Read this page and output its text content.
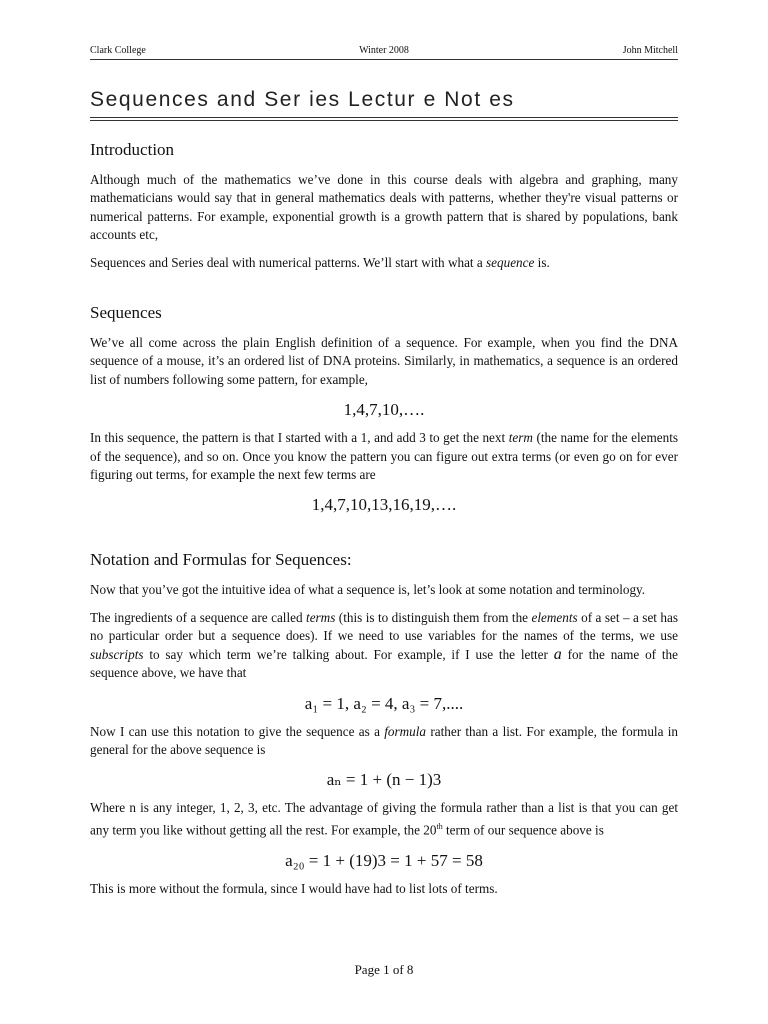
Clark College	Winter 2008	John Mitchell
Sequences and Ser ies Lectur e Not es
Introduction

Although much of the mathematics we’ve done in this course deals with algebra and graphing, many mathematicians would say that in general mathematics deals with patterns, whether they're visual patterns or numerical patterns. For example, exponential growth is a growth pattern that is shared by populations, bank accounts etc,

Sequences and Series deal with numerical patterns. We’ll start with what a sequence is.

Sequences

We’ve all come across the plain English definition of a sequence. For example, when you find the DNA sequence of a mouse, it’s an ordered list of DNA proteins. Similarly, in mathematics, a sequence is an ordered list of numbers following some pattern, for example,

1,4,7,10,….

In this sequence, the pattern is that I started with a 1, and add 3 to get the next term (the name for the elements of the sequence), and so on. Once you know the pattern you can figure out extra terms (or even go on for ever figuring out terms, for example the next few terms are

1,4,7,10,13,16,19,….
Notation and Formulas for Sequences:

Now that you’ve got the intuitive idea of what a sequence is, let’s look at some notation and terminology.

The ingredients of a sequence are called terms (this is to distinguish them from the elements of a set – a set has no particular order but a sequence does). If we need to use variables for the names of the terms, we use subscripts to say which term we’re talking about. For example, if I use the letter a for the name of the sequence above, we have that

a₁ = 1, a₂ = 4, a₃ = 7,....

Now I can use this notation to give the sequence as a formula rather than a list. For example, the formula in general for the above sequence is

aₙ = 1 + (n − 1)3

Where n is any integer, 1, 2, 3, etc. The advantage of giving the formula rather than a list is that you can get any term you like without getting all the rest. For example, the 20th term of our sequence above is

a₂₀ = 1 + (19)3 = 1 + 57 = 58

This is more without the formula, since I would have had to list lots of terms.

Page 1 of 8
